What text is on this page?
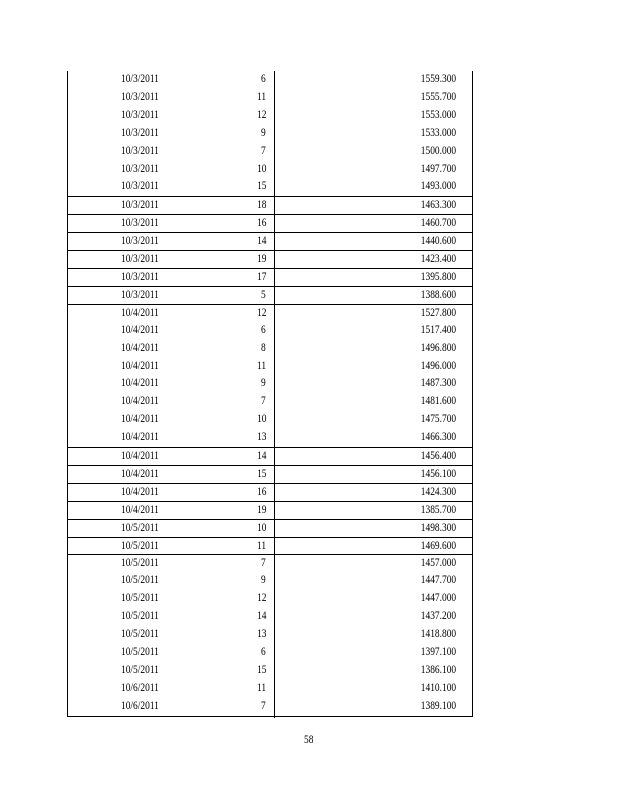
10/3/2011	6	1559.300
10/3/2011	11	1555.700
10/3/2011	12	1553.000
10/3/2011	9	1533.000
10/3/2011	7	1500.000
10/3/2011	10	1497.700
10/3/2011	15	1493.000
10/3/2011	18	1463.300
10/3/2011	16	1460.700
10/3/2011	14	1440.600
10/3/2011	19	1423.400
10/3/2011	17	1395.800
10/3/2011	5	1388.600
10/4/2011	12	1527.800
10/4/2011	6	1517.400
10/4/2011	8	1496.800
10/4/2011	11	1496.000
10/4/2011	9	1487.300
10/4/2011	7	1481.600
10/4/2011	10	1475.700
10/4/2011	13	1466.300
10/4/2011	14	1456.400
10/4/2011	15	1456.100
10/4/2011	16	1424.300
10/4/2011	19	1385.700
10/5/2011	10	1498.300
10/5/2011	11	1469.600
10/5/2011	7	1457.000
10/5/2011	9	1447.700
10/5/2011	12	1447.000
10/5/2011	14	1437.200
10/5/2011	13	1418.800
10/5/2011	6	1397.100
10/5/2011	15	1386.100
10/6/2011	11	1410.100
10/6/2011	7	1389.100
58
